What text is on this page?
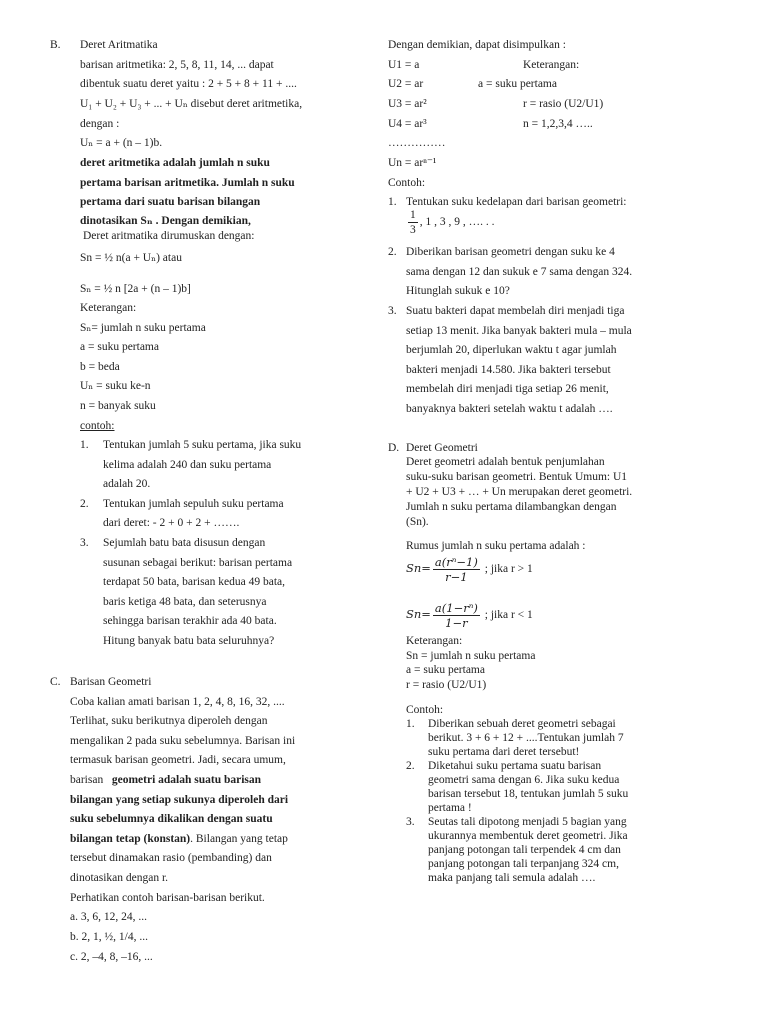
B. Deret Aritmatika
barisan aritmetika: 2, 5, 8, 11, 14, ... dapat
dibentuk suatu deret yaitu : 2 + 5 + 8 + 11 + ....
U₁ + U₂ + U₃ + ... + Uₙ disebut deret aritmetika,
dengan :
Uₙ = a + (n – 1)b.
deret aritmetika adalah jumlah n suku
pertama barisan aritmetika. Jumlah n suku
pertama dari suatu barisan bilangan
dinotasikan Sₙ . Dengan demikian,
Deret aritmatika dirumuskan dengan:
Sn = ½ n(a + Uₙ) atau
Sₙ = ½ n [2a + (n – 1)b]
Keterangan:
Sₙ= jumlah n suku pertama
a = suku pertama
b = beda
Uₙ = suku ke-n
n = banyak suku
contoh:
1. Tentukan jumlah 5 suku pertama, jika suku
kelima adalah 240 dan suku pertama
adalah 20.
2. Tentukan jumlah sepuluh suku pertama
dari deret: - 2 + 0 + 2 + …….
3. Sejumlah batu bata disusun dengan
susunan sebagai berikut: barisan pertama
terdapat 50 bata, barisan kedua 49 bata,
baris ketiga 48 bata, dan seterusnya
sehingga barisan terakhir ada 40 bata.
Hitung banyak batu bata seluruhnya?
C. Barisan Geometri
Coba kalian amati barisan 1, 2, 4, 8, 16, 32, ....
Terlihat, suku berikutnya diperoleh dengan
mengalikan 2 pada suku sebelumnya. Barisan ini
termasuk barisan geometri. Jadi, secara umum,
barisan geometri adalah suatu barisan
bilangan yang setiap sukunya diperoleh dari
suku sebelumnya dikalikan dengan suatu
bilangan tetap (konstan). Bilangan yang tetap
tersebut dinamakan rasio (pembanding) dan
dinotasikan dengan r.
Perhatikan contoh barisan-barisan berikut.
a. 3, 6, 12, 24, ...
b. 2, 1, ½, 1/4, ...
c. 2, –4, 8, –16, ...
Dengan demikian, dapat disimpulkan :
U1 = a	Keterangan:
U2 = ar	a = suku pertama
U3 = ar²	r = rasio (U2/U1)
U4 = ar³	n = 1,2,3,4 …..
……………
Un = arⁿ⁻¹
Contoh:
1. Tentukan suku kedelapan dari barisan geometri:
$\frac{1}{3}$ , 1 , 3 , 9 , …. . .
2. Diberikan barisan geometri dengan suku ke 4
sama dengan 12 dan sukuk e 7 sama dengan 324.
Hitunglah sukuk e 10?
3. Suatu bakteri dapat membelah diri menjadi tiga
setiap 13 menit. Jika banyak bakteri mula – mula
berjumlah 20, diperlukan waktu t agar jumlah
bakteri menjadi 14.580. Jika bakteri tersebut
membelah diri menjadi tiga setiap 26 menit,
banyaknya bakteri setelah waktu t adalah ….
D. Deret Geometri
Deret geometri adalah bentuk penjumlahan
suku-suku barisan geometri. Bentuk Umum: U1
+ U2 + U3 + … + Un merupakan deret geometri.
Jumlah n suku pertama dilambangkan dengan
(Sn).
Rumus jumlah n suku pertama adalah :
$Sn= \frac{\text{a(rⁿ−1)}}{r-1}$ ; jika r > 1
$Sn= \frac{\text{a(1−rⁿ)}}{1-r}$ ; jika r < 1
Keterangan:
Sn = jumlah n suku pertama
a = suku pertama
r = rasio (U2/U1)
Contoh:
1. Diberikan sebuah deret geometri sebagai
berikut. 3 + 6 + 12 + ....Tentukan jumlah 7
suku pertama dari deret tersebut!
2. Diketahui suku pertama suatu barisan
geometri sama dengan 6. Jika suku kedua
barisan tersebut 18, tentukan jumlah 5 suku
pertama !
3. Seutas tali dipotong menjadi 5 bagian yang
ukurannya membentuk deret geometri. Jika
panjang potongan tali terpendek 4 cm dan
panjang potongan tali terpanjang 324 cm,
maka panjang tali semula adalah ….
